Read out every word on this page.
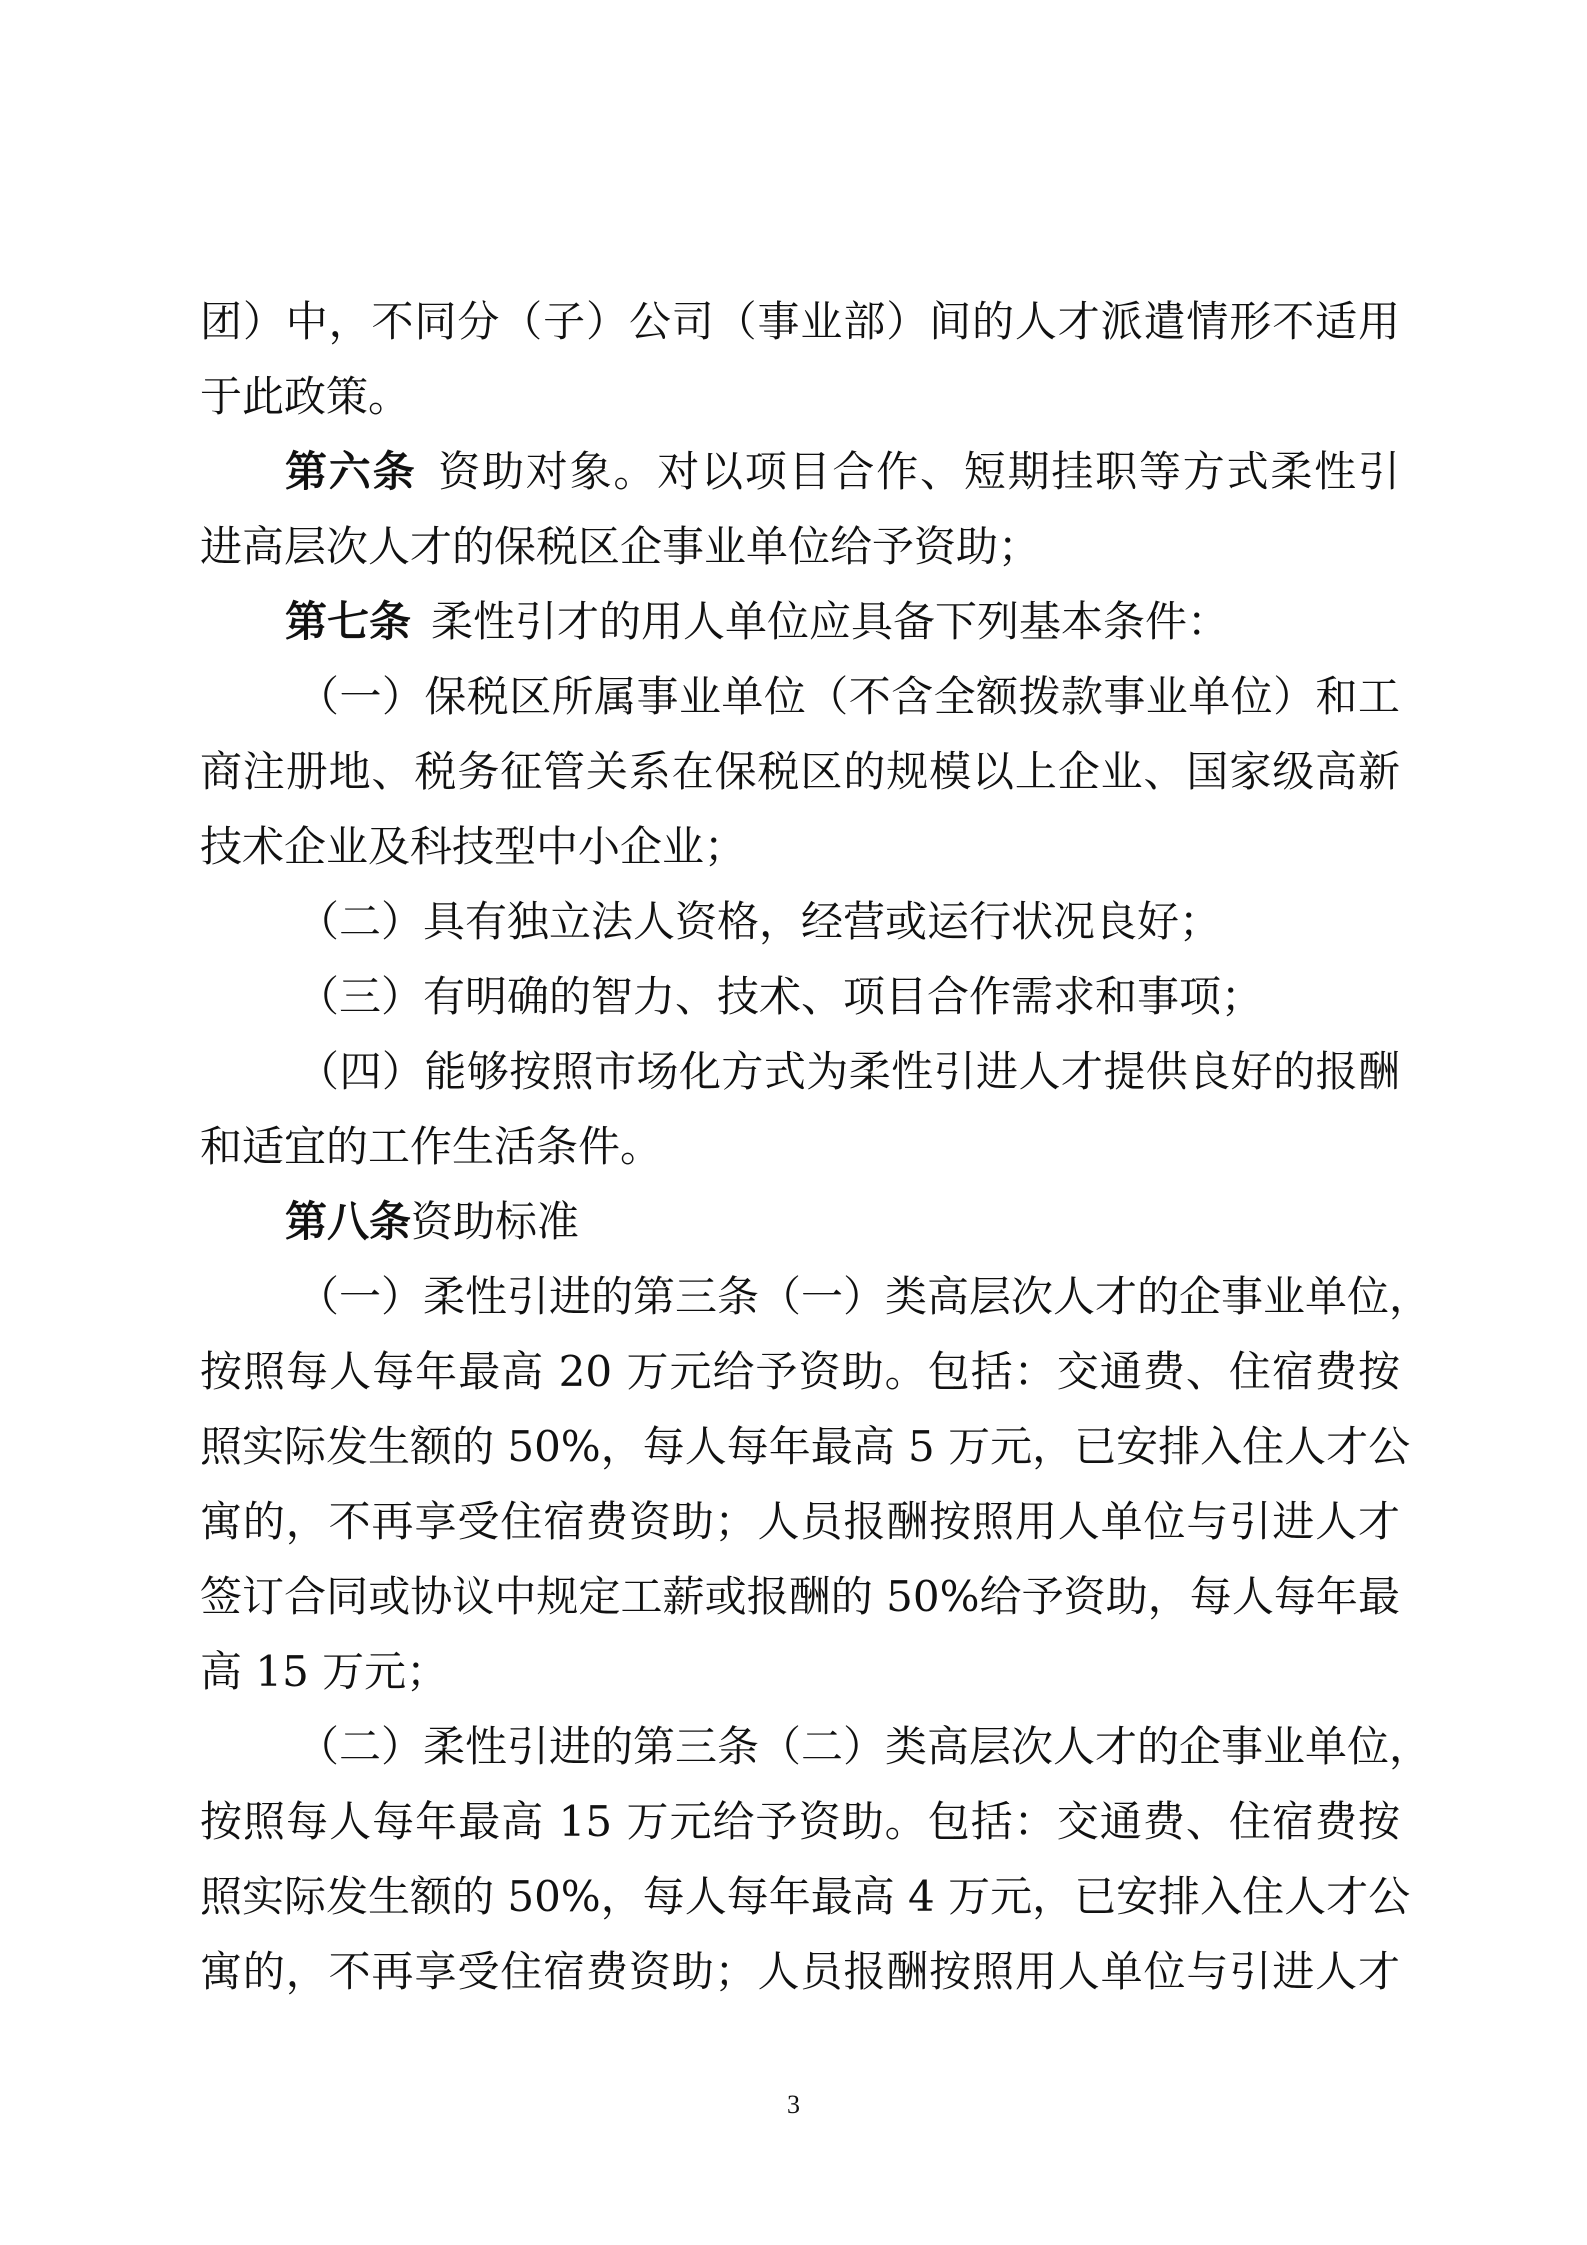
团）中，不同分（子）公司（事业部）间的人才派遣情形不适用
于此政策。
第六条 资助对象。对以项目合作、短期挂职等方式柔性引
进高层次人才的保税区企事业单位给予资助；
第七条 柔性引才的用人单位应具备下列基本条件：
（一）保税区所属事业单位（不含全额拨款事业单位）和工
商注册地、税务征管关系在保税区的规模以上企业、国家级高新
技术企业及科技型中小企业；
（二）具有独立法人资格，经营或运行状况良好；
（三）有明确的智力、技术、项目合作需求和事项；
（四）能够按照市场化方式为柔性引进人才提供良好的报酬
和适宜的工作生活条件。
第八条资助标准
（一）柔性引进的第三条（一）类高层次人才的企事业单位，
按照每人每年最高 20 万元给予资助。包括：交通费、住宿费按
照实际发生额的 50%，每人每年最高 5 万元，已安排入住人才公
寓的，不再享受住宿费资助；人员报酬按照用人单位与引进人才
签订合同或协议中规定工薪或报酬的 50%给予资助，每人每年最
高 15 万元；
（二）柔性引进的第三条（二）类高层次人才的企事业单位，
按照每人每年最高 15 万元给予资助。包括：交通费、住宿费按
照实际发生额的 50%，每人每年最高 4 万元，已安排入住人才公
寓的，不再享受住宿费资助；人员报酬按照用人单位与引进人才
3
